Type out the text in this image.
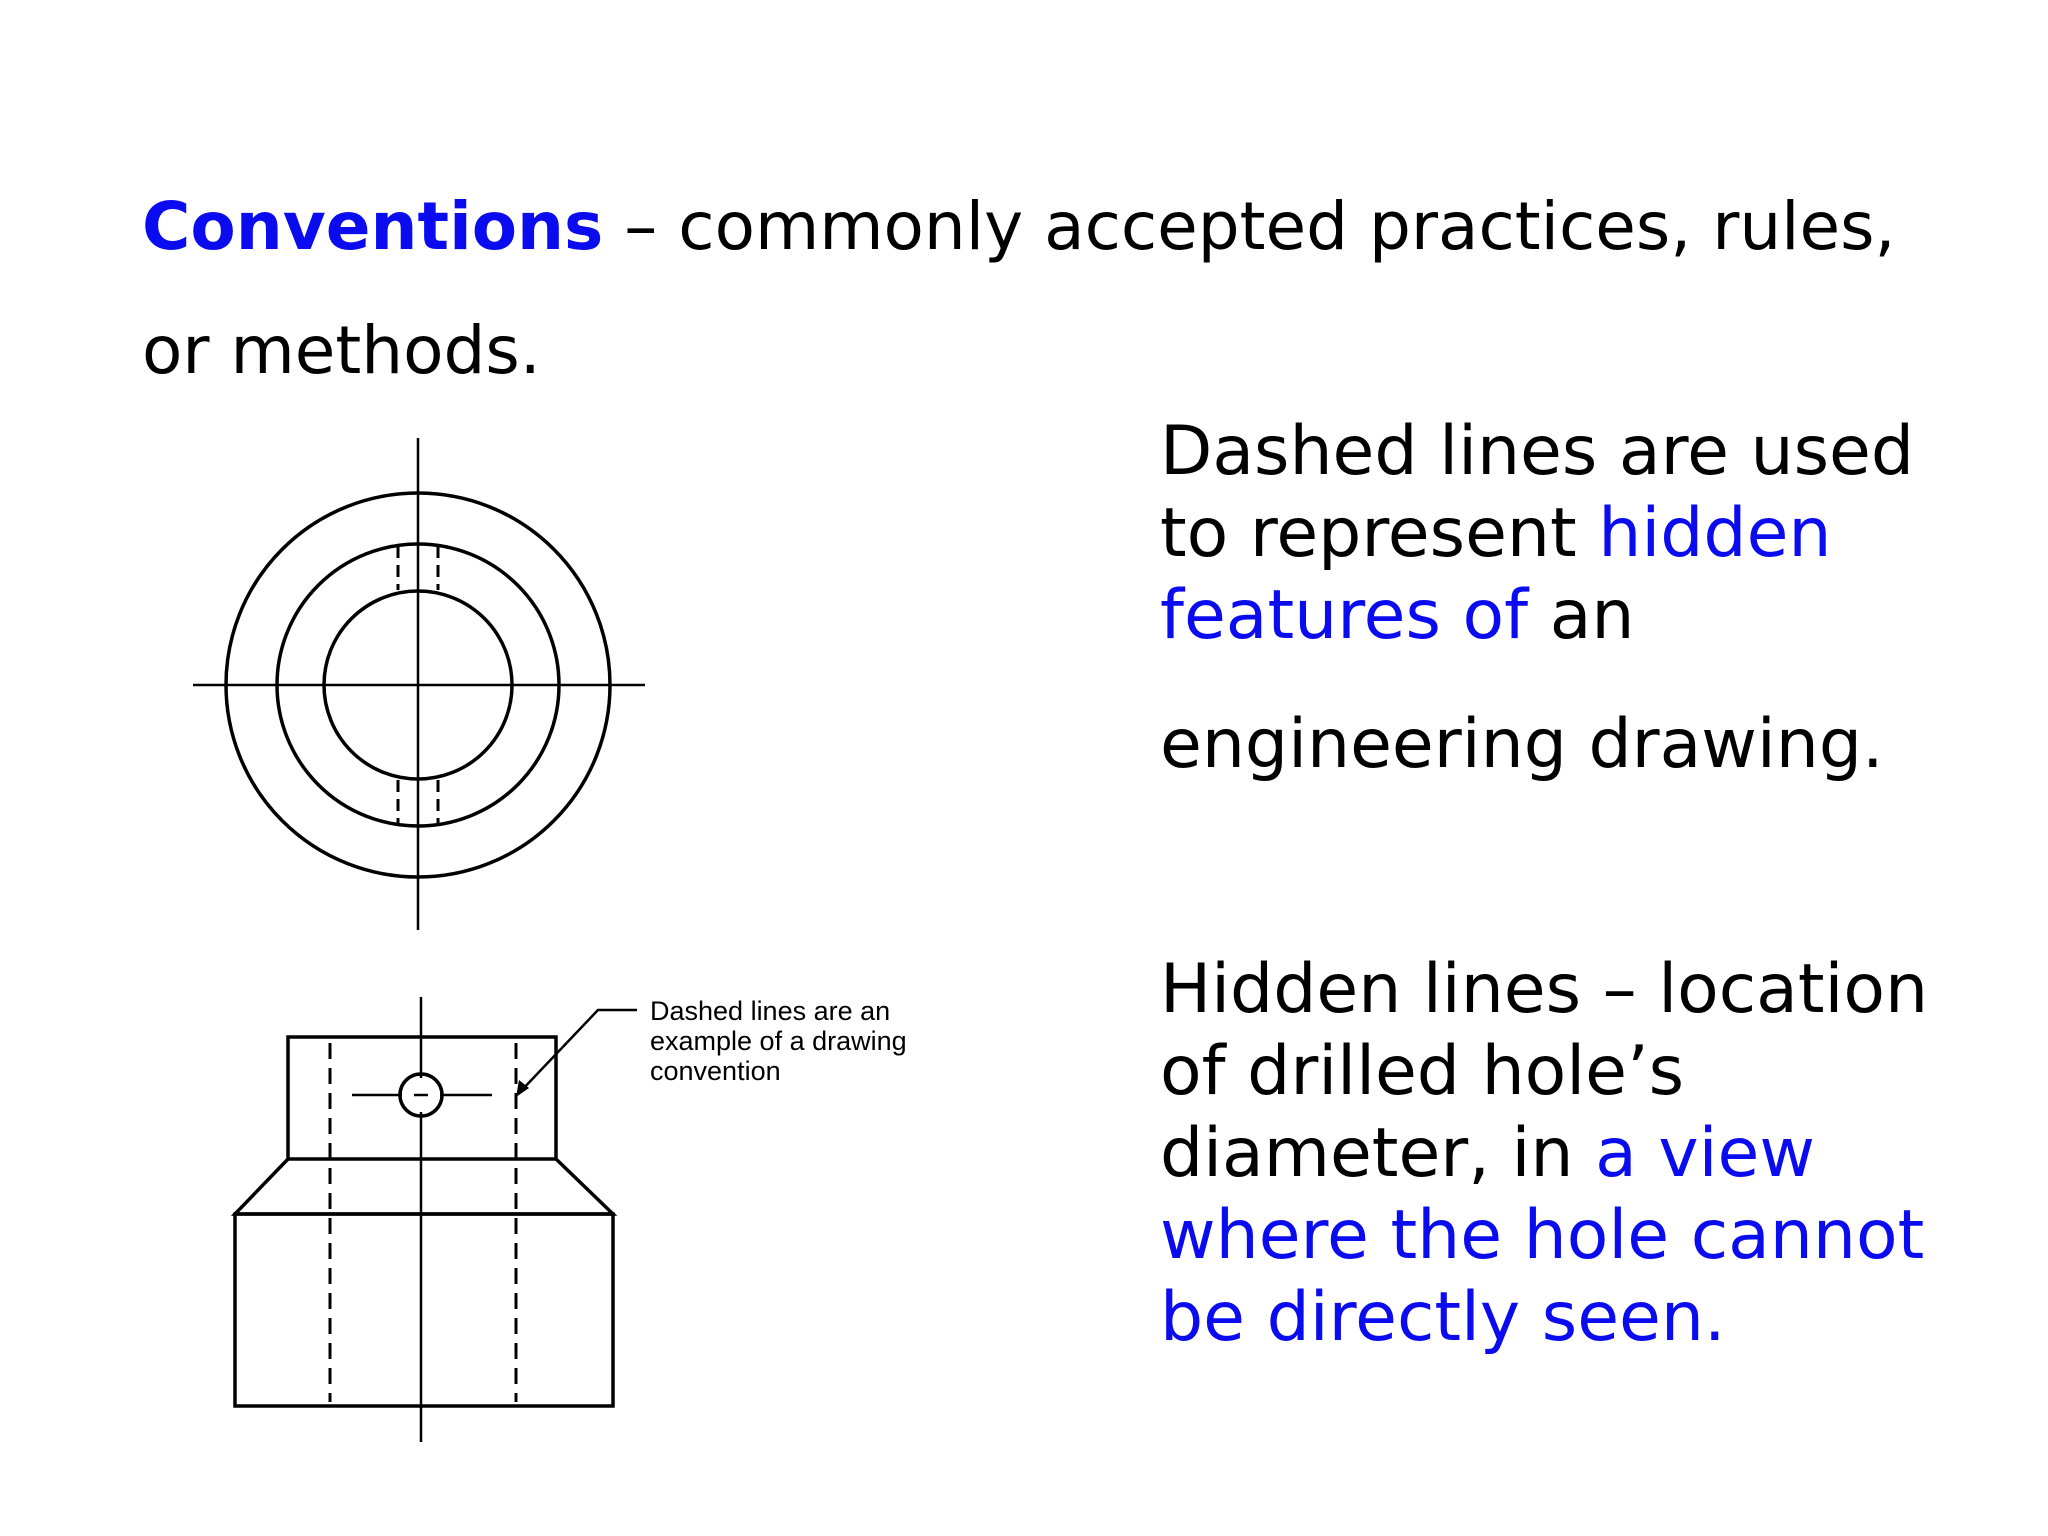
Conventions – commonly accepted practices, rules,
or methods.
Dashed lines are used
to represent hidden
features of an
engineering drawing.
Hidden lines – location
of drilled hole’s
diameter, in a view
where the hole cannot
be directly seen.
Dashed lines are an
example of a drawing
convention
